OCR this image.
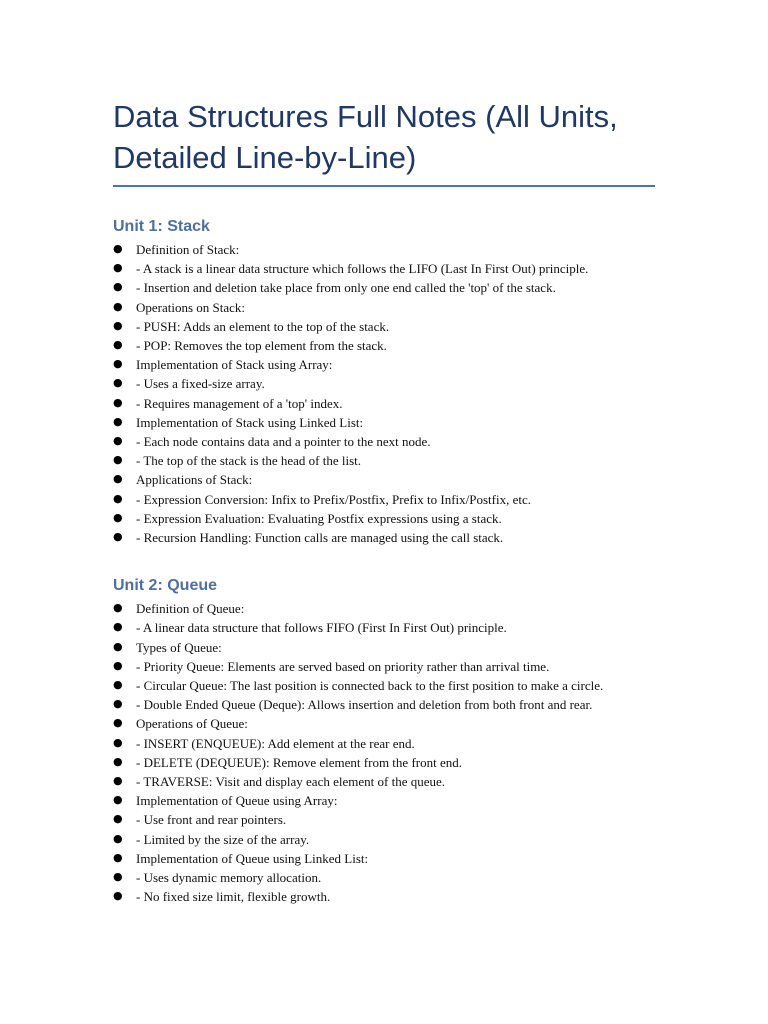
Data Structures Full Notes (All Units, Detailed Line-by-Line)
Unit 1: Stack
● Definition of Stack:
● - A stack is a linear data structure which follows the LIFO (Last In First Out) principle.
● - Insertion and deletion take place from only one end called the 'top' of the stack.
● Operations on Stack:
● - PUSH: Adds an element to the top of the stack.
● - POP: Removes the top element from the stack.
● Implementation of Stack using Array:
● - Uses a fixed-size array.
● - Requires management of a 'top' index.
● Implementation of Stack using Linked List:
● - Each node contains data and a pointer to the next node.
● - The top of the stack is the head of the list.
● Applications of Stack:
● - Expression Conversion: Infix to Prefix/Postfix, Prefix to Infix/Postfix, etc.
● - Expression Evaluation: Evaluating Postfix expressions using a stack.
● - Recursion Handling: Function calls are managed using the call stack.
Unit 2: Queue
● Definition of Queue:
● - A linear data structure that follows FIFO (First In First Out) principle.
● Types of Queue:
● - Priority Queue: Elements are served based on priority rather than arrival time.
● - Circular Queue: The last position is connected back to the first position to make a circle.
● - Double Ended Queue (Deque): Allows insertion and deletion from both front and rear.
● Operations of Queue:
● - INSERT (ENQUEUE): Add element at the rear end.
● - DELETE (DEQUEUE): Remove element from the front end.
● - TRAVERSE: Visit and display each element of the queue.
● Implementation of Queue using Array:
● - Use front and rear pointers.
● - Limited by the size of the array.
● Implementation of Queue using Linked List:
● - Uses dynamic memory allocation.
● - No fixed size limit, flexible growth.
